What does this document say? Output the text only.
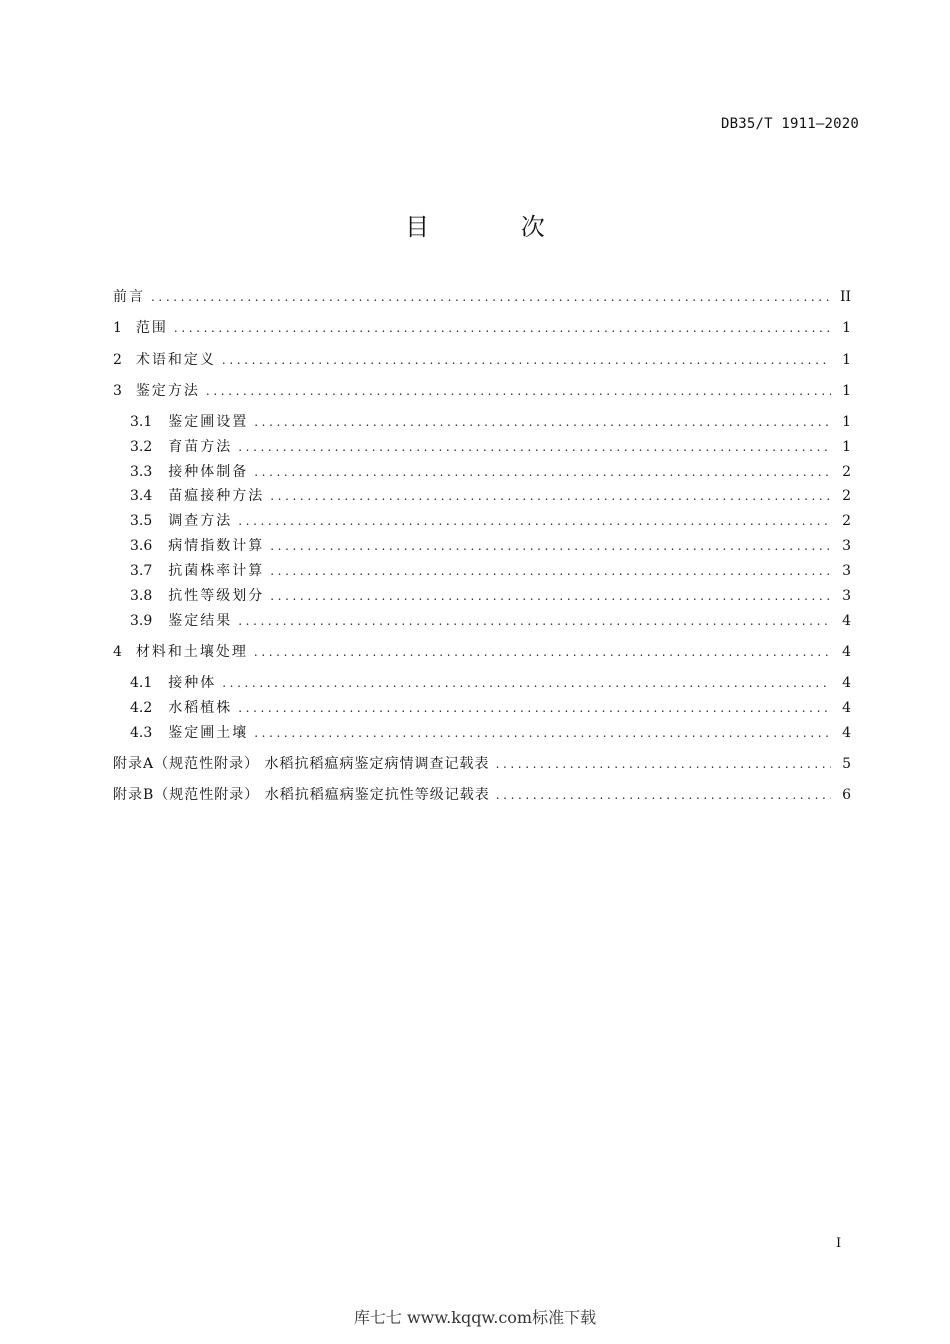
DB35/T 1911—2020
目 次
前言 .....	II
1 范围 .....	1
2 术语和定义 .....	1
3 鉴定方法 .....	1
3.1 鉴定圃设置 .....	1
3.2 育苗方法 .....	1
3.3 接种体制备 .....	2
3.4 苗瘟接种方法 .....	2
3.5 调查方法 .....	2
3.6 病情指数计算 .....	3
3.7 抗菌株率计算 .....	3
3.8 抗性等级划分 .....	3
3.9 鉴定结果 .....	4
4 材料和土壤处理 .....	4
4.1 接种体 .....	4
4.2 水稻植株 .....	4
4.3 鉴定圃土壤 .....	4
附录A（规范性附录） 水稻抗稻瘟病鉴定病情调查记载表 .....	5
附录B（规范性附录） 水稻抗稻瘟病鉴定抗性等级记载表 .....	6
I
库七七 www.kqqw.com标准下载
